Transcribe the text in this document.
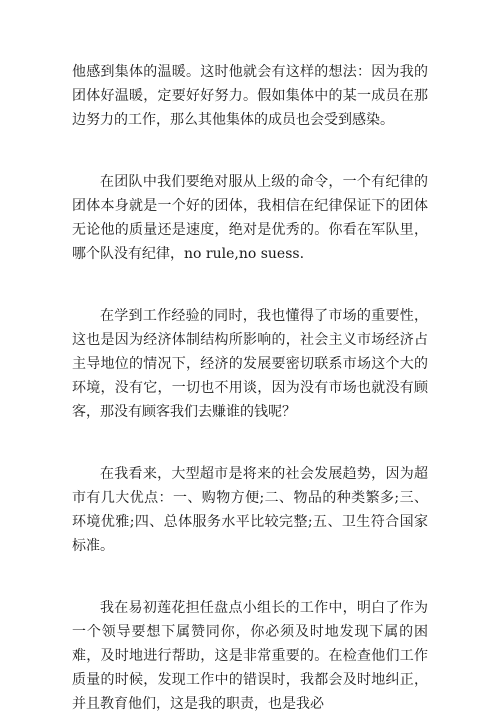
他感到集体的温暖。这时他就会有这样的想法：因为我的团体好温暖，定要好好努力。假如集体中的某一成员在那边努力的工作，那么其他集体的成员也会受到感染。

在团队中我们要绝对服从上级的命令，一个有纪律的团体本身就是一个好的团体，我相信在纪律保证下的团体无论他的质量还是速度，绝对是优秀的。你看在军队里，哪个队没有纪律，no rule,no suess.

在学到工作经验的同时，我也懂得了市场的重要性，这也是因为经济体制结构所影响的，社会主义市场经济占主导地位的情况下，经济的发展要密切联系市场这个大的环境，没有它，一切也不用谈，因为没有市场也就没有顾客，那没有顾客我们去赚谁的钱呢？

在我看来，大型超市是将来的社会发展趋势，因为超市有几大优点：一、购物方便;二、物品的种类繁多;三、环境优雅;四、总体服务水平比较完整;五、卫生符合国家标准。

我在易初莲花担任盘点小组长的工作中，明白了作为一个领导要想下属赞同你，你必须及时地发现下属的困难，及时地进行帮助，这是非常重要的。在检查他们工作质量的时候，发现工作中的错误时，我都会及时地纠正，并且教育他们，这是我的职责，也是我必
